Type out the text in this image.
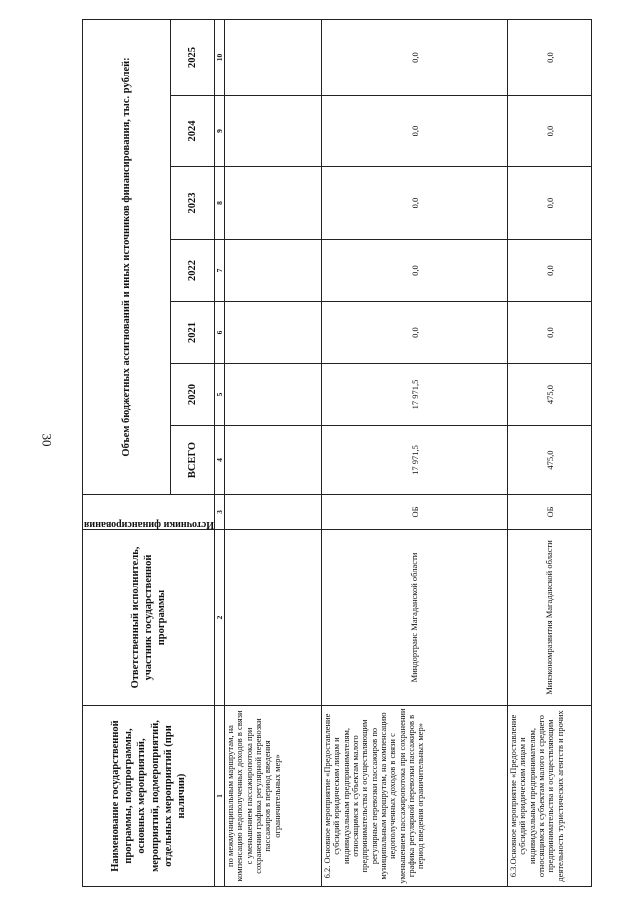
30
Наименование государственной программы, подпрограммы, основных мероприятий, мероприятий, подмероприятий, отдельных мероприятий (при наличии)	Ответственный исполнитель, участник государственной программы	Источники финансирования	Объем бюджетных ассигнований и иных источников финансирования, тыс. рублей:						
			ВСЕГО	2020	2021	2022	2023	2024	2025
1	2	3	4	5	6	7	8	9	10
по межмуниципальным маршрутам, на компенсацию недополученных доходов в связи с уменьшением пассажиропотока при сохранении графика регулярной перевозки пассажиров в период введения ограничительных мер»									
6.2. Основное мероприятие «Предоставление субсидий юридическим лицам и индивидуальным предпринимателям, относящимся к субъектам малого предпринимательства и осуществляющим регулярные перевозки пассажиров по муниципальным маршрутам, на компенсацию недополученных доходов в связи с уменьшением пассажиропотока при сохранении графика регулярной перевозки пассажиров в период введения ограничительных мер»	Миндортранс Магаданской области	ОБ	17 971,5	17 971,5	0,0	0,0	0,0	0,0	0,0
6.3.Основное мероприятие «Предоставление субсидий юридическим лицам и индивидуальным предпринимателям, относящимся к субъектам малого и среднего предпринимательства и осуществляющим деятельность туристических агентств и прочих	Минэкономразвития Магаданской области	ОБ	475,0	475,0	0,0	0,0	0,0	0,0	0,0
